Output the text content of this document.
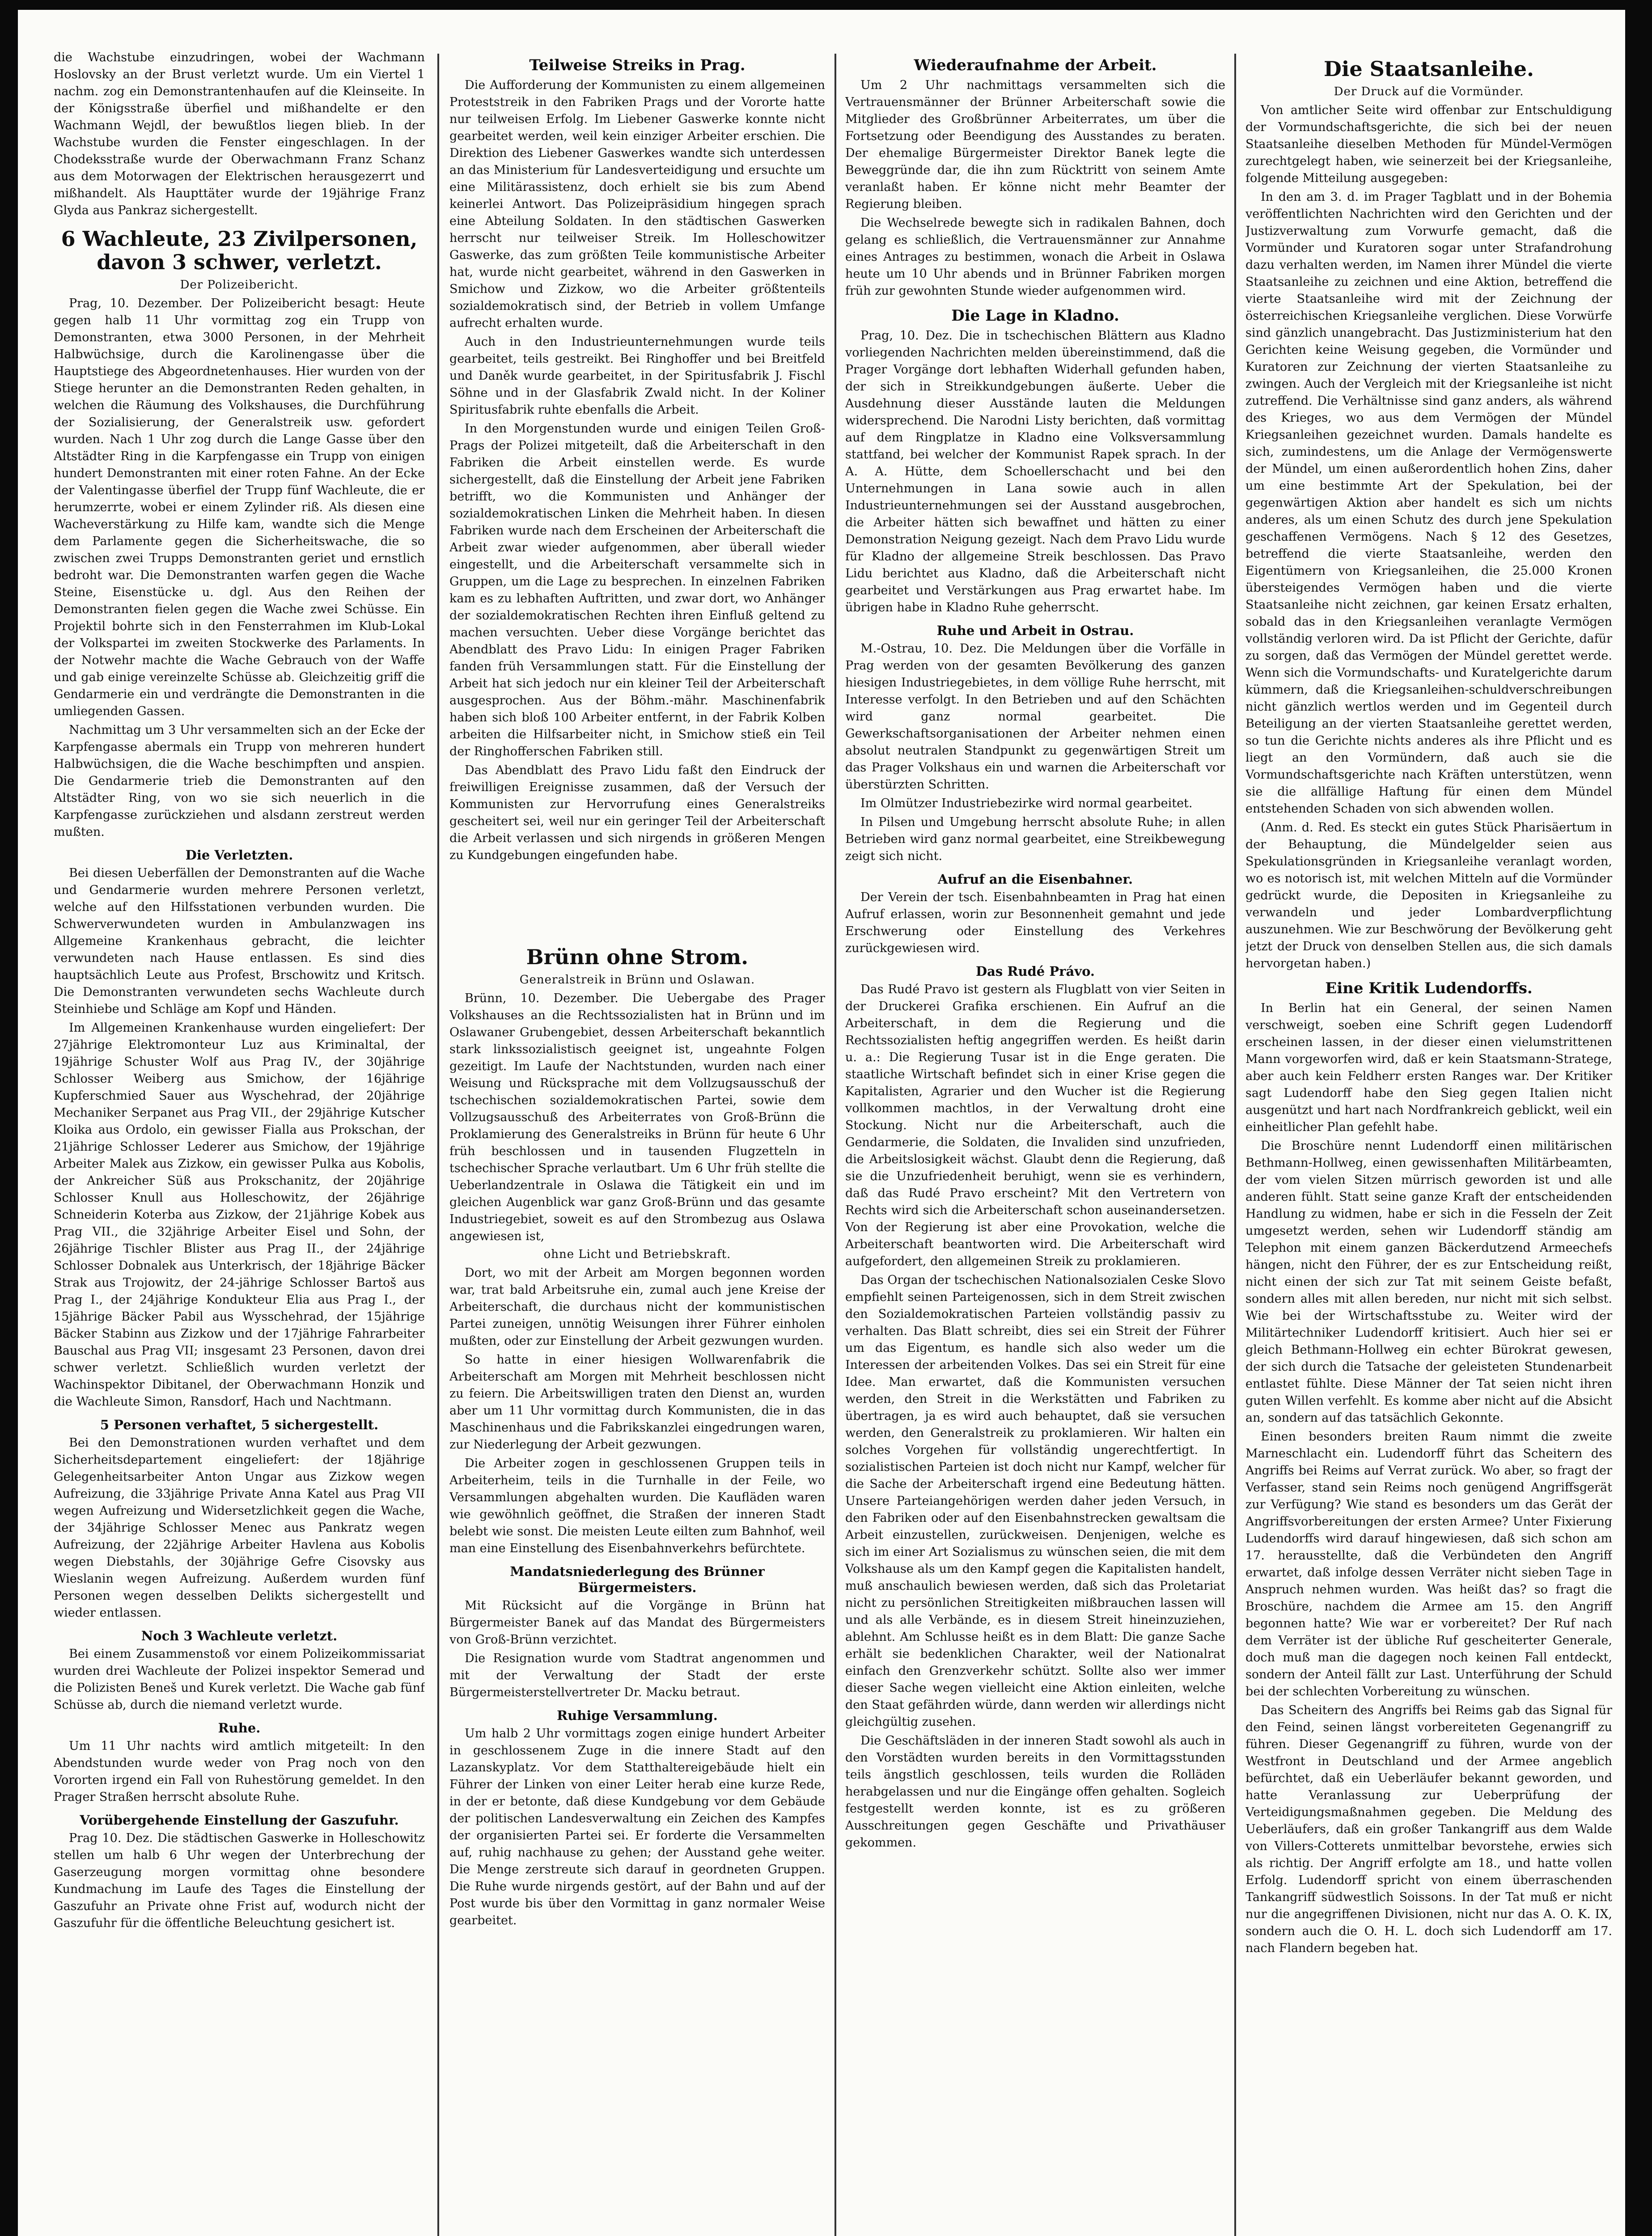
die Wachstube einzudringen, wobei der Wachmann Hoslovsky an der Brust verletzt wurde. Um ein Viertel 1 nachm. zog ein Demonstrantenhaufen auf die Kleinseite. In der Königsstraße überfiel und mißhandelte er den Wachmann Wejdl, der bewußtlos liegen blieb. In der Wachstube wurden die Fenster eingeschlagen. In der Chodeksstraße wurde der Oberwachmann Franz Schanz aus dem Motorwagen der Elektrischen herausgezerrt und mißhandelt. Als Haupttäter wurde der 19jährige Franz Glyda aus Pankraz sichergestellt.

6 Wachleute, 23 Zivilpersonen, davon 3 schwer, verletzt.
Der Polizeibericht.

Prag, 10. Dezember. Der Polizeibericht besagt: Heute gegen halb 11 Uhr vormittag zog ein Trupp von Demonstranten, etwa 3000 Personen, in der Mehrheit Halbwüchsige, durch die Karolinengasse über die Hauptstiege des Abgeordnetenhauses. Hier wurden von der Stiege herunter an die Demonstranten Reden gehalten, in welchen die Räumung des Volkshauses, die Durchführung der Sozialisierung, der Generalstreik usw. gefordert wurden. Nach 1 Uhr zog durch die Lange Gasse über den Altstädter Ring in die Karpfengasse ein Trupp von einigen hundert Demonstranten mit einer roten Fahne. An der Ecke der Valentingasse überfiel der Trupp fünf Wachleute, die er herumzerrte, wobei er einem Zylinder riß. Als diesen eine Wacheverstärkung zu Hilfe kam, wandte sich die Menge dem Parlamente gegen die Sicherheitswache, die so zwischen zwei Trupps Demonstranten geriet und ernstlich bedroht war. Die Demonstranten warfen gegen die Wache Steine, Eisenstücke u. dgl. Aus den Reihen der Demonstranten fielen gegen die Wache zwei Schüsse. Ein Projektil bohrte sich in den Fensterrahmen im Klub-Lokal der Volkspartei im zweiten Stockwerke des Parlaments. In der Notwehr machte die Wache Gebrauch von der Waffe und gab einige vereinzelte Schüsse ab. Gleichzeitig griff die Gendarmerie ein und verdrängte die Demonstranten in die umliegenden Gassen.

Nachmittag um 3 Uhr versammelten sich an der Ecke der Karpfengasse abermals ein Trupp von mehreren hundert Halbwüchsigen, die die Wache beschimpften und anspien. Die Gendarmerie trieb die Demonstranten auf den Altstädter Ring, von wo sie sich neuerlich in die Karpfengasse zurückziehen und alsdann zerstreut werden mußten.

Die Verletzten.

Bei diesen Ueberfällen der Demonstranten auf die Wache und Gendarmerie wurden mehrere Personen verletzt, welche auf den Hilfsstationen verbunden wurden. Die Schwerverwundeten wurden in Ambulanzwagen ins Allgemeine Krankenhaus gebracht, die leichter verwundeten nach Hause entlassen. Es sind dies hauptsächlich Leute aus Profest, Brschowitz und Kritsch. Die Demonstranten verwundeten sechs Wachleute durch Steinhiebe und Schläge am Kopf und Händen.

Im Allgemeinen Krankenhause wurden eingeliefert: Der 27jährige Elektromonteur Luz aus Kriminaltal, der 19jährige Schuster Wolf aus Prag IV., der 30jährige Schlosser Weiberg aus Smichow, der 16jährige Kupferschmied Sauer aus Wyschehrad, der 20jährige Mechaniker Serpanet aus Prag VII., der 29jährige Kutscher Kloika aus Ordolo, ein gewisser Fialla aus Prokschan, der 21jährige Schlosser Lederer aus Smichow, der 19jährige Arbeiter Malek aus Zizkow, ein gewisser Pulka aus Kobolis, der Ankreicher Süß aus Prokschanitz, der 20jährige Schlosser Knull aus Holleschowitz, der 26jährige Schneiderin Koterba aus Zizkow, der 21jährige Kobek aus Prag VII., die 32jährige Arbeiter Eisel und Sohn, der 26jährige Tischler Blister aus Prag II., der 24jährige Schlosser Dobnalek aus Unterkrisch, der 18jährige Bäcker Strak aus Trojowitz, der 24-jährige Schlosser Bartoš aus Prag I., der 24jährige Kondukteur Elia aus Prag I., der 15jährige Bäcker Pabil aus Wysschehrad, der 15jährige Bäcker Stabinn aus Zizkow und der 17jährige Fahrarbeiter Bauschal aus Prag VII; insgesamt 23 Personen, davon drei schwer verletzt. Schließlich wurden verletzt der Wachinspektor Dibitanel, der Oberwachmann Honzik und die Wachleute Simon, Ransdorf, Hach und Nachtmann.

5 Personen verhaftet, 5 sichergestellt.

Bei den Demonstrationen wurden verhaftet und dem Sicherheitsdepartement eingeliefert: der 18jährige Gelegenheitsarbeiter Anton Ungar aus Zizkow wegen Aufreizung, die 33jährige Private Anna Katel aus Prag VII wegen Aufreizung und Widersetzlichkeit gegen die Wache, der 34jährige Schlosser Menec aus Pankratz wegen Aufreizung, der 22jährige Arbeiter Havlena aus Kobolis wegen Diebstahls, der 30jährige Gefre Cisovsky aus Wieslanin wegen Aufreizung. Außerdem wurden fünf Personen wegen desselben Delikts sichergestellt und wieder entlassen.

Noch 3 Wachleute verletzt.

Bei einem Zusammenstoß vor einem Polizeikommissariat wurden drei Wachleute der Polizei inspektor Semerad und die Polizisten Beneš und Kurek verletzt. Die Wache gab fünf Schüsse ab, durch die niemand verletzt wurde.

Ruhe.

Um 11 Uhr nachts wird amtlich mitgeteilt: In den Abendstunden wurde weder von Prag noch von den Vororten irgend ein Fall von Ruhestörung gemeldet. In den Prager Straßen herrscht absolute Ruhe.

Vorübergehende Einstellung der Gaszufuhr.

Prag 10. Dez. Die städtischen Gaswerke in Holleschowitz stellen um halb 6 Uhr wegen der Unterbrechung der Gaserzeugung morgen vormittag ohne besondere Kundmachung im Laufe des Tages die Einstellung der Gaszufuhr an Private ohne Frist auf, wodurch nicht der Gaszufuhr für die öffentliche Beleuchtung gesichert ist.

Teilweise Streiks in Prag.

Die Aufforderung der Kommunisten zu einem allgemeinen Proteststreik in den Fabriken Prags und der Vororte hatte nur teilweisen Erfolg. Im Liebener Gaswerke konnte nicht gearbeitet werden, weil kein einziger Arbeiter erschien. Die Direktion des Liebener Gaswerkes wandte sich unterdessen an das Ministerium für Landesverteidigung und ersuchte um eine Militärassistenz, doch erhielt sie bis zum Abend keinerlei Antwort. Das Polizeipräsidium hingegen sprach eine Abteilung Soldaten. In den städtischen Gaswerken herrscht nur teilweiser Streik. Im Holleschowitzer Gaswerke, das zum größten Teile kommunistische Arbeiter hat, wurde nicht gearbeitet, während in den Gaswerken in Smichow und Zizkow, wo die Arbeiter größtenteils sozialdemokratisch sind, der Betrieb in vollem Umfange aufrecht erhalten wurde.

Auch in den Industrieunternehmungen wurde teils gearbeitet, teils gestreikt. Bei Ringhoffer und bei Breitfeld und Daněk wurde gearbeitet, in der Spiritusfabrik J. Fischl Söhne und in der Glasfabrik Zwald nicht. In der Koliner Spiritusfabrik ruhte ebenfalls die Arbeit.

In den Morgenstunden wurde und einigen Teilen Groß-Prags der Polizei mitgeteilt, daß die Arbeiterschaft in den Fabriken die Arbeit einstellen werde. Es wurde sichergestellt, daß die Einstellung der Arbeit jene Fabriken betrifft, wo die Kommunisten und Anhänger der sozialdemokratischen Linken die Mehrheit haben. In diesen Fabriken wurde nach dem Erscheinen der Arbeiterschaft die Arbeit zwar wieder aufgenommen, aber überall wieder eingestellt, und die Arbeiterschaft versammelte sich in Gruppen, um die Lage zu besprechen. In einzelnen Fabriken kam es zu lebhaften Auftritten, und zwar dort, wo Anhänger der sozialdemokratischen Rechten ihren Einfluß geltend zu machen versuchten. Ueber diese Vorgänge berichtet das Abendblatt des Pravo Lidu: In einigen Prager Fabriken fanden früh Versammlungen statt. Für die Einstellung der Arbeit hat sich jedoch nur ein kleiner Teil der Arbeiterschaft ausgesprochen. Aus der Böhm.-mähr. Maschinenfabrik haben sich bloß 100 Arbeiter entfernt, in der Fabrik Kolben arbeiten die Hilfsarbeiter nicht, in Smichow stieß ein Teil der Ringhofferschen Fabriken still.

Das Abendblatt des Pravo Lidu faßt den Eindruck der freiwilligen Ereignisse zusammen, daß der Versuch der Kommunisten zur Hervorrufung eines Generalstreiks gescheitert sei, weil nur ein geringer Teil der Arbeiterschaft die Arbeit verlassen und sich nirgends in größeren Mengen zu Kundgebungen eingefunden habe.

Brünn ohne Strom.
Generalstreik in Brünn und Oslawan.

Brünn, 10. Dezember. Die Uebergabe des Prager Volkshauses an die Rechtssozialisten hat in Brünn und im Oslawaner Grubengebiet, dessen Arbeiterschaft bekanntlich stark linkssozialistisch geeignet ist, ungeahnte Folgen gezeitigt. Im Laufe der Nachtstunden, wurden nach einer Weisung und Rücksprache mit dem Vollzugsausschuß der tschechischen sozialdemokratischen Partei, sowie dem Vollzugsausschuß des Arbeiterrates von Groß-Brünn die Proklamierung des Generalstreiks in Brünn für heute 6 Uhr früh beschlossen und in tausenden Flugzetteln in tschechischer Sprache verlautbart. Um 6 Uhr früh stellte die Ueberlandzentrale in Oslawa die Tätigkeit ein und im gleichen Augenblick war ganz Groß-Brünn und das gesamte Industriegebiet, soweit es auf den Strombezug aus Oslawa angewiesen ist,

ohne Licht und Betriebskraft.

Dort, wo mit der Arbeit am Morgen begonnen worden war, trat bald Arbeitsruhe ein, zumal auch jene Kreise der Arbeiterschaft, die durchaus nicht der kommunistischen Partei zuneigen, unnötig Weisungen ihrer Führer einholen mußten, oder zur Einstellung der Arbeit gezwungen wurden.

So hatte in einer hiesigen Wollwarenfabrik die Arbeiterschaft am Morgen mit Mehrheit beschlossen nicht zu feiern. Die Arbeitswilligen traten den Dienst an, wurden aber um 11 Uhr vormittag durch Kommunisten, die in das Maschinenhaus und die Fabrikskanzlei eingedrungen waren, zur Niederlegung der Arbeit gezwungen.

Die Arbeiter zogen in geschlossenen Gruppen teils in Arbeiterheim, teils in die Turnhalle in der Feile, wo Versammlungen abgehalten wurden. Die Kaufläden waren wie gewöhnlich geöffnet, die Straßen der inneren Stadt belebt wie sonst. Die meisten Leute eilten zum Bahnhof, weil man eine Einstellung des Eisenbahnverkehrs befürchtete.

Mandatsniederlegung des Brünner Bürgermeisters.

Mit Rücksicht auf die Vorgänge in Brünn hat Bürgermeister Banek auf das Mandat des Bürgermeisters von Groß-Brünn verzichtet.

Die Resignation wurde vom Stadtrat angenommen und mit der Verwaltung der Stadt der erste Bürgermeisterstellvertreter Dr. Macku betraut.

Ruhige Versammlung.

Um halb 2 Uhr vormittags zogen einige hundert Arbeiter in geschlossenem Zuge in die innere Stadt auf den Lazanskyplatz. Vor dem Statthaltereigebäude hielt ein Führer der Linken von einer Leiter herab eine kurze Rede, in der er betonte, daß diese Kundgebung vor dem Gebäude der politischen Landesverwaltung ein Zeichen des Kampfes der organisierten Partei sei. Er forderte die Versammelten auf, ruhig nachhause zu gehen; der Ausstand gehe weiter. Die Menge zerstreute sich darauf in geordneten Gruppen. Die Ruhe wurde nirgends gestört, auf der Bahn und auf der Post wurde bis über den Vormittag in ganz normaler Weise gearbeitet.

Wiederaufnahme der Arbeit.

Um 2 Uhr nachmittags versammelten sich die Vertrauensmänner der Brünner Arbeiterschaft sowie die Mitglieder des Großbrünner Arbeiterrates, um über die Fortsetzung oder Beendigung des Ausstandes zu beraten. Der ehemalige Bürgermeister Direktor Banek legte die Beweggründe dar, die ihn zum Rücktritt von seinem Amte veranlaßt haben. Er könne nicht mehr Beamter der Regierung bleiben.

Die Wechselrede bewegte sich in radikalen Bahnen, doch gelang es schließlich, die Vertrauensmänner zur Annahme eines Antrages zu bestimmen, wonach die Arbeit in Oslawa heute um 10 Uhr abends und in Brünner Fabriken morgen früh zur gewohnten Stunde wieder aufgenommen wird.

Die Lage in Kladno.

Prag, 10. Dez. Die in tschechischen Blättern aus Kladno vorliegenden Nachrichten melden übereinstimmend, daß die Prager Vorgänge dort lebhaften Widerhall gefunden haben, der sich in Streikkundgebungen äußerte. Ueber die Ausdehnung dieser Ausstände lauten die Meldungen widersprechend. Die Narodni Listy berichten, daß vormittag auf dem Ringplatze in Kladno eine Volksversammlung stattfand, bei welcher der Kommunist Rapek sprach. In der A. A. Hütte, dem Schoellerschacht und bei den Unternehmungen in Lana sowie auch in allen Industrieunternehmungen sei der Ausstand ausgebrochen, die Arbeiter hätten sich bewaffnet und hätten zu einer Demonstration Neigung gezeigt. Nach dem Pravo Lidu wurde für Kladno der allgemeine Streik beschlossen. Das Pravo Lidu berichtet aus Kladno, daß die Arbeiterschaft nicht gearbeitet und Verstärkungen aus Prag erwartet habe. Im übrigen habe in Kladno Ruhe geherrscht.

Ruhe und Arbeit in Ostrau.

M.-Ostrau, 10. Dez. Die Meldungen über die Vorfälle in Prag werden von der gesamten Bevölkerung des ganzen hiesigen Industriegebietes, in dem völlige Ruhe herrscht, mit Interesse verfolgt. In den Betrieben und auf den Schächten wird ganz normal gearbeitet. Die Gewerkschaftsorganisationen der Arbeiter nehmen einen absolut neutralen Standpunkt zu gegenwärtigen Streit um das Prager Volkshaus ein und warnen die Arbeiterschaft vor überstürzten Schritten.

Im Olmützer Industriebezirke wird normal gearbeitet.

In Pilsen und Umgebung herrscht absolute Ruhe; in allen Betrieben wird ganz normal gearbeitet, eine Streikbewegung zeigt sich nicht.

Aufruf an die Eisenbahner.

Der Verein der tsch. Eisenbahnbeamten in Prag hat einen Aufruf erlassen, worin zur Besonnenheit gemahnt und jede Erschwerung oder Einstellung des Verkehres zurückgewiesen wird.

Das Rudé Právo.

Das Rudé Pravo ist gestern als Flugblatt von vier Seiten in der Druckerei Grafika erschienen. Ein Aufruf an die Arbeiterschaft, in dem die Regierung und die Rechtssozialisten heftig angegriffen werden. Es heißt darin u. a.: Die Regierung Tusar ist in die Enge geraten. Die staatliche Wirtschaft befindet sich in einer Krise gegen die Kapitalisten, Agrarier und den Wucher ist die Regierung vollkommen machtlos, in der Verwaltung droht eine Stockung. Nicht nur die Arbeiterschaft, auch die Gendarmerie, die Soldaten, die Invaliden sind unzufrieden, die Arbeitslosigkeit wächst. Glaubt denn die Regierung, daß sie die Unzufriedenheit beruhigt, wenn sie es verhindern, daß das Rudé Pravo erscheint? Mit den Vertretern von Rechts wird sich die Arbeiterschaft schon auseinandersetzen. Von der Regierung ist aber eine Provokation, welche die Arbeiterschaft beantworten wird. Die Arbeiterschaft wird aufgefordert, den allgemeinen Streik zu proklamieren.

Das Organ der tschechischen Nationalsozialen Ceske Slovo empfiehlt seinen Parteigenossen, sich in dem Streit zwischen den Sozialdemokratischen Parteien vollständig passiv zu verhalten. Das Blatt schreibt, dies sei ein Streit der Führer um das Eigentum, es handle sich also weder um die Interessen der arbeitenden Volkes. Das sei ein Streit für eine Idee. Man erwartet, daß die Kommunisten versuchen werden, den Streit in die Werkstätten und Fabriken zu übertragen, ja es wird auch behauptet, daß sie versuchen werden, den Generalstreik zu proklamieren. Wir halten ein solches Vorgehen für vollständig ungerechtfertigt. In sozialistischen Parteien ist doch nicht nur Kampf, welcher für die Sache der Arbeiterschaft irgend eine Bedeutung hätten. Unsere Parteiangehörigen werden daher jeden Versuch, in den Fabriken oder auf den Eisenbahnstrecken gewaltsam die Arbeit einzustellen, zurückweisen. Denjenigen, welche es sich im einer Art Sozialismus zu wünschen seien, die mit dem Volkshause als um den Kampf gegen die Kapitalisten handelt, muß anschaulich bewiesen werden, daß sich das Proletariat nicht zu persönlichen Streitigkeiten mißbrauchen lassen will und als alle Verbände, es in diesem Streit hineinzuziehen, ablehnt. Am Schlusse heißt es in dem Blatt: Die ganze Sache erhält sie bedenklichen Charakter, weil der Nationalrat einfach den Grenzverkehr schützt. Sollte also wer immer dieser Sache wegen vielleicht eine Aktion einleiten, welche den Staat gefährden würde, dann werden wir allerdings nicht gleichgültig zusehen.

Die Geschäftsläden in der inneren Stadt sowohl als auch in den Vorstädten wurden bereits in den Vormittagsstunden teils ängstlich geschlossen, teils wurden die Rolläden herabgelassen und nur die Eingänge offen gehalten. Sogleich festgestellt werden konnte, ist es zu größeren Ausschreitungen gegen Geschäfte und Privathäuser gekommen.

Die Staatsanleihe.
Der Druck auf die Vormünder.

Von amtlicher Seite wird offenbar zur Entschuldigung der Vormundschaftsgerichte, die sich bei der neuen Staatsanleihe dieselben Methoden für Mündel-Vermögen zurechtgelegt haben, wie seinerzeit bei der Kriegsanleihe, folgende Mitteilung ausgegeben:

In den am 3. d. im Prager Tagblatt und in der Bohemia veröffentlichten Nachrichten wird den Gerichten und der Justizverwaltung zum Vorwurfe gemacht, daß die Vormünder und Kuratoren sogar unter Strafandrohung dazu verhalten werden, im Namen ihrer Mündel die vierte Staatsanleihe zu zeichnen und eine Aktion, betreffend die vierte Staatsanleihe wird mit der Zeichnung der österreichischen Kriegsanleihe verglichen. Diese Vorwürfe sind gänzlich unangebracht. Das Justizministerium hat den Gerichten keine Weisung gegeben, die Vormünder und Kuratoren zur Zeichnung der vierten Staatsanleihe zu zwingen. Auch der Vergleich mit der Kriegsanleihe ist nicht zutreffend. Die Verhältnisse sind ganz anders, als während des Krieges, wo aus dem Vermögen der Mündel Kriegsanleihen gezeichnet wurden. Damals handelte es sich, zumindestens, um die Anlage der Vermögenswerte der Mündel, um einen außerordentlich hohen Zins, daher um eine bestimmte Art der Spekulation, bei der gegenwärtigen Aktion aber handelt es sich um nichts anderes, als um einen Schutz des durch jene Spekulation geschaffenen Vermögens. Nach § 12 des Gesetzes, betreffend die vierte Staatsanleihe, werden den Eigentümern von Kriegsanleihen, die 25.000 Kronen übersteigendes Vermögen haben und die vierte Staatsanleihe nicht zeichnen, gar keinen Ersatz erhalten, sobald das in den Kriegsanleihen veranlagte Vermögen vollständig verloren wird. Da ist Pflicht der Gerichte, dafür zu sorgen, daß das Vermögen der Mündel gerettet werde. Wenn sich die Vormundschafts- und Kuratelgerichte darum kümmern, daß die Kriegsanleihen-schuldverschreibungen nicht gänzlich wertlos werden und im Gegenteil durch Beteiligung an der vierten Staatsanleihe gerettet werden, so tun die Gerichte nichts anderes als ihre Pflicht und es liegt an den Vormündern, daß auch sie die Vormundschaftsgerichte nach Kräften unterstützen, wenn sie die allfällige Haftung für einen dem Mündel entstehenden Schaden von sich abwenden wollen.

(Anm. d. Red. Es steckt ein gutes Stück Pharisäertum in der Behauptung, die Mündelgelder seien aus Spekulationsgründen in Kriegsanleihe veranlagt worden, wo es notorisch ist, mit welchen Mitteln auf die Vormünder gedrückt wurde, die Depositen in Kriegsanleihe zu verwandeln und jeder Lombardverpflichtung auszunehmen. Wie zur Beschwörung der Bevölkerung geht jetzt der Druck von denselben Stellen aus, die sich damals hervorgetan haben.)

Eine Kritik Ludendorffs.

In Berlin hat ein General, der seinen Namen verschweigt, soeben eine Schrift gegen Ludendorff erscheinen lassen, in der dieser einen vielumstrittenen Mann vorgeworfen wird, daß er kein Staatsmann-Stratege, aber auch kein Feldherr ersten Ranges war. Der Kritiker sagt Ludendorff habe den Sieg gegen Italien nicht ausgenützt und hart nach Nordfrankreich geblickt, weil ein einheitlicher Plan gefehlt habe.

Die Broschüre nennt Ludendorff einen militärischen Bethmann-Hollweg, einen gewissenhaften Militärbeamten, der vom vielen Sitzen mürrisch geworden ist und alle anderen fühlt. Statt seine ganze Kraft der entscheidenden Handlung zu widmen, habe er sich in die Fesseln der Zeit umgesetzt werden, sehen wir Ludendorff ständig am Telephon mit einem ganzen Bäckerdutzend Armeechefs hängen, nicht den Führer, der es zur Entscheidung reißt, nicht einen der sich zur Tat mit seinem Geiste befaßt, sondern alles mit allen bereden, nur nicht mit sich selbst. Wie bei der Wirtschaftsstube zu. Weiter wird der Militärtechniker Ludendorff kritisiert. Auch hier sei er gleich Bethmann-Hollweg ein echter Bürokrat gewesen, der sich durch die Tatsache der geleisteten Stundenarbeit entlastet fühlte. Diese Männer der Tat seien nicht ihren guten Willen verfehlt. Es komme aber nicht auf die Absicht an, sondern auf das tatsächlich Gekonnte.

Einen besonders breiten Raum nimmt die zweite Marneschlacht ein. Ludendorff führt das Scheitern des Angriffs bei Reims auf Verrat zurück. Wo aber, so fragt der Verfasser, stand sein Reims noch genügend Angriffsgerät zur Verfügung? Wie stand es besonders um das Gerät der Angriffsvorbereitungen der ersten Armee? Unter Fixierung Ludendorffs wird darauf hingewiesen, daß sich schon am 17. herausstellte, daß die Verbündeten den Angriff erwartet, daß infolge dessen Verräter nicht sieben Tage in Anspruch nehmen wurden. Was heißt das? so fragt die Broschüre, nachdem die Armee am 15. den Angriff begonnen hatte? Wie war er vorbereitet? Der Ruf nach dem Verräter ist der übliche Ruf gescheiterter Generale, doch muß man die dagegen noch keinen Fall entdeckt, sondern der Anteil fällt zur Last. Unterführung der Schuld bei der schlechten Vorbereitung zu wünschen.

Das Scheitern des Angriffs bei Reims gab das Signal für den Feind, seinen längst vorbereiteten Gegenangriff zu führen. Dieser Gegenangriff zu führen, wurde von der Westfront in Deutschland und der Armee angeblich befürchtet, daß ein Ueberläufer bekannt geworden, und hatte Veranlassung zur Ueberprüfung der Verteidigungsmaßnahmen gegeben. Die Meldung des Ueberläufers, daß ein großer Tankangriff aus dem Walde von Villers-Cotterets unmittelbar bevorstehe, erwies sich als richtig. Der Angriff erfolgte am 18., und hatte vollen Erfolg. Ludendorff spricht von einem überraschenden Tankangriff südwestlich Soissons. In der Tat muß er nicht nur die angegriffenen Divisionen, nicht nur das A. O. K. IX, sondern auch die O. H. L. doch sich Ludendorff am 17. nach Flandern begeben hat.
